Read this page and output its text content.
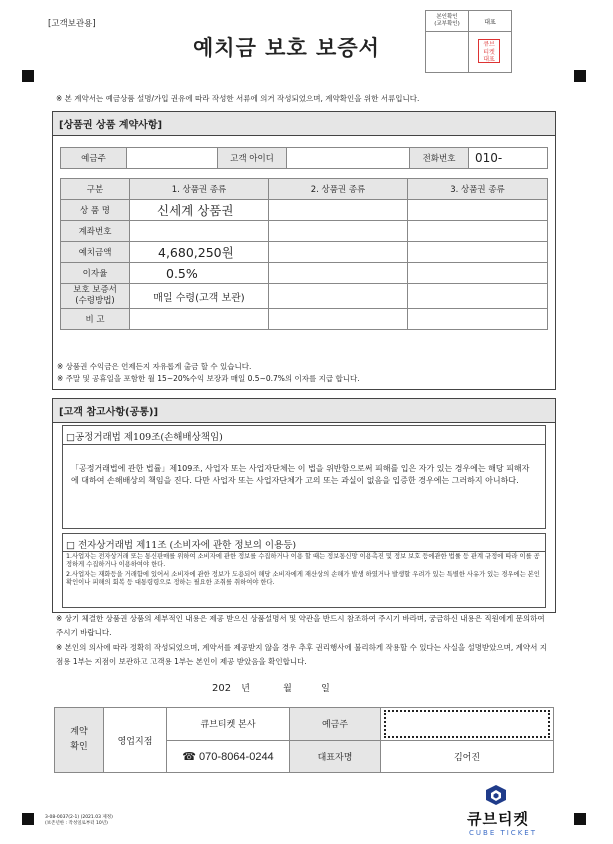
[고객보관용]
예치금 보호 보증서
본인확인
(교부확인)	대표

	큐브
티켓
대표
※ 본 계약서는 예금상품 설명/가입 권유에 따라 작성한 서류에 의거 작성되었으며, 계약확인을 위한 서류입니다.
[상품권 상품 계약사항]
예금주		고객 아이디		전화번호	010-
구분	1. 상품권 종류	2. 상품권 종류	3. 상품권 종류
상 품 명	신세계 상품권		
계좌번호			
예치금액	4,680,250원		
이자율	0.5%		
보호 보증서
(수령방법)	매일 수령(고객 보관)		
비 고			
※ 상품권 수익금은 언제든지 자유롭게 출금 할 수 있습니다.
※ 주말 및 공휴일을 포함한 월 15~20%수익 보장과 매일 0.5~0.7%의 이자를 지급 합니다.
[고객 참고사항(공통)]
□공정거래법 제109조(손해배상책임)
「공정거래법에 관한 법률」제109조, 사업자 또는 사업자단체는 이 법을 위반함으로써 피해를 입은 자가 있는 경우에는 해당 피해자에 대하여 손해배상의 책임을 진다. 다만 사업자 또는 사업자단체가 고의 또는 과실이 없음을 입증한 경우에는 그러하지 아니하다.
□ 전자상거래법 제11조 (소비자에 관한 정보의 이용등)
1.사업자는 전자상거래 또는 통신판매를 위하여 소비자에 관한 정보를 수집하거나 이용 할 때는 정보통신망 이용촉진 및 정보 보호 등에관한 법률 등 관계 규정에 따라 이를 공정하게 수집하거나 이용하여야 한다.
2.사업자는 재화등을 거래함에 있어서 소비자에 관한 정보가 도용되어 해당 소비자에게 재산상의 손해가 발생 하였거나 발생할 우려가 있는 특별한 사유가 있는 경우에는 본인 확인이나 피해의 회복 등 대통령령으로 정하는 필요한 조취를 취하여야 한다.
※ 상기 체결한 상품권 상품의 세부적인 내용은 제공 받으신 상품설명서 및 약관을 반드시 참조하여 주시기 바라며, 궁금하신 내용은 직원에게 문의하여 주시기 바랍니다.
※ 본인의 의사에 따라 정확히 작성되었으며, 계약서를 제공받지 않을 경우 추후 권리행사에 불리하게 작용할 수 있다는 사실을 설명받았으며, 계약서 지점용 1부는 지점이 보관하고 고객용 1부는 본인이 제공 받았음을 확인합니다.
202 년	월	일
계약
확인	영업지점	큐브티켓 본사	예금주	

		☎ 070-8064-0244	대표자명	김어진
3-08-0037(2-1) (2021.03 제정)
(보존년한 : 작성일로부터 10년)	큐브티켓
CUBE TICKET
